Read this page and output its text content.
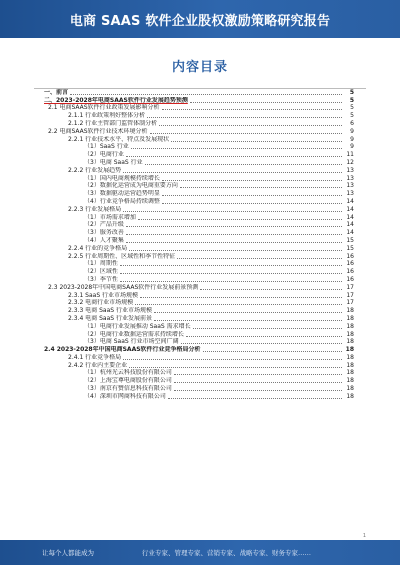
电商 SAAS 软件企业股权激励策略研究报告
内容目录
一、前言	5
二、2023-2028年电商SAAS软件行业发展趋势预测	5
2.1 电商SAAS软件行业政策发展影响分析	5
2.1.1 行业政策利好整体分析	5
2.1.2 行业主管部门监管体制分析	6
2.2 电商SAAS软件行业技术环境分析	9
2.2.1 行业技术水平、特点及发展现状	9
（1）SaaS 行业	9
（2）电商行业	11
（3）电商 SaaS 行业	12
2.2.2 行业发展趋势	13
（1）国内电商规模持续增长	13
（2）数据化运营成为电商重要方向	13
（3）数据驱动运营趋势明显	13
（4）行业竞争格局持续调整	14
2.2.3 行业发展格局	14
（1）市场需求增加	14
（2）产品升级	14
（3）服务改善	14
（4）人才聚集	15
2.2.4 行业的竞争格局	15
2.2.5 行业周期性、区域性和季节性特征	16
（1）周期性	16
（2）区域性	16
（3）季节性	16
2.3 2023-2028年中国电商SAAS软件行业发展前景预测	17
2.3.1 SaaS 行业市场规模	17
2.3.2 电商行业市场规模	17
2.3.3 电商 SaaS 行业市场规模	18
2.3.4 电商 SaaS 行业发展前景	18
（1）电商行业发展推动 SaaS 需求增长	18
（2）电商行业数据运营需求持续增长	18
（3）电商 SaaS 行业市场空间广阔	18
2.4 2023-2028年中国电商SAAS软件行业竞争格局分析	18
2.4.1 行业竞争格局	18
2.4.2 行业内主要企业	18
（1）杭州光云科技股份有限公司	18
（2）上海宝尊电商股份有限公司	18
（3）南京有赞信息科技有限公司	18
（4）深圳市网商科技有限公司	18
1
让每个人都能成为	行业专家、管理专家、营销专家、战略专家、财务专家……
